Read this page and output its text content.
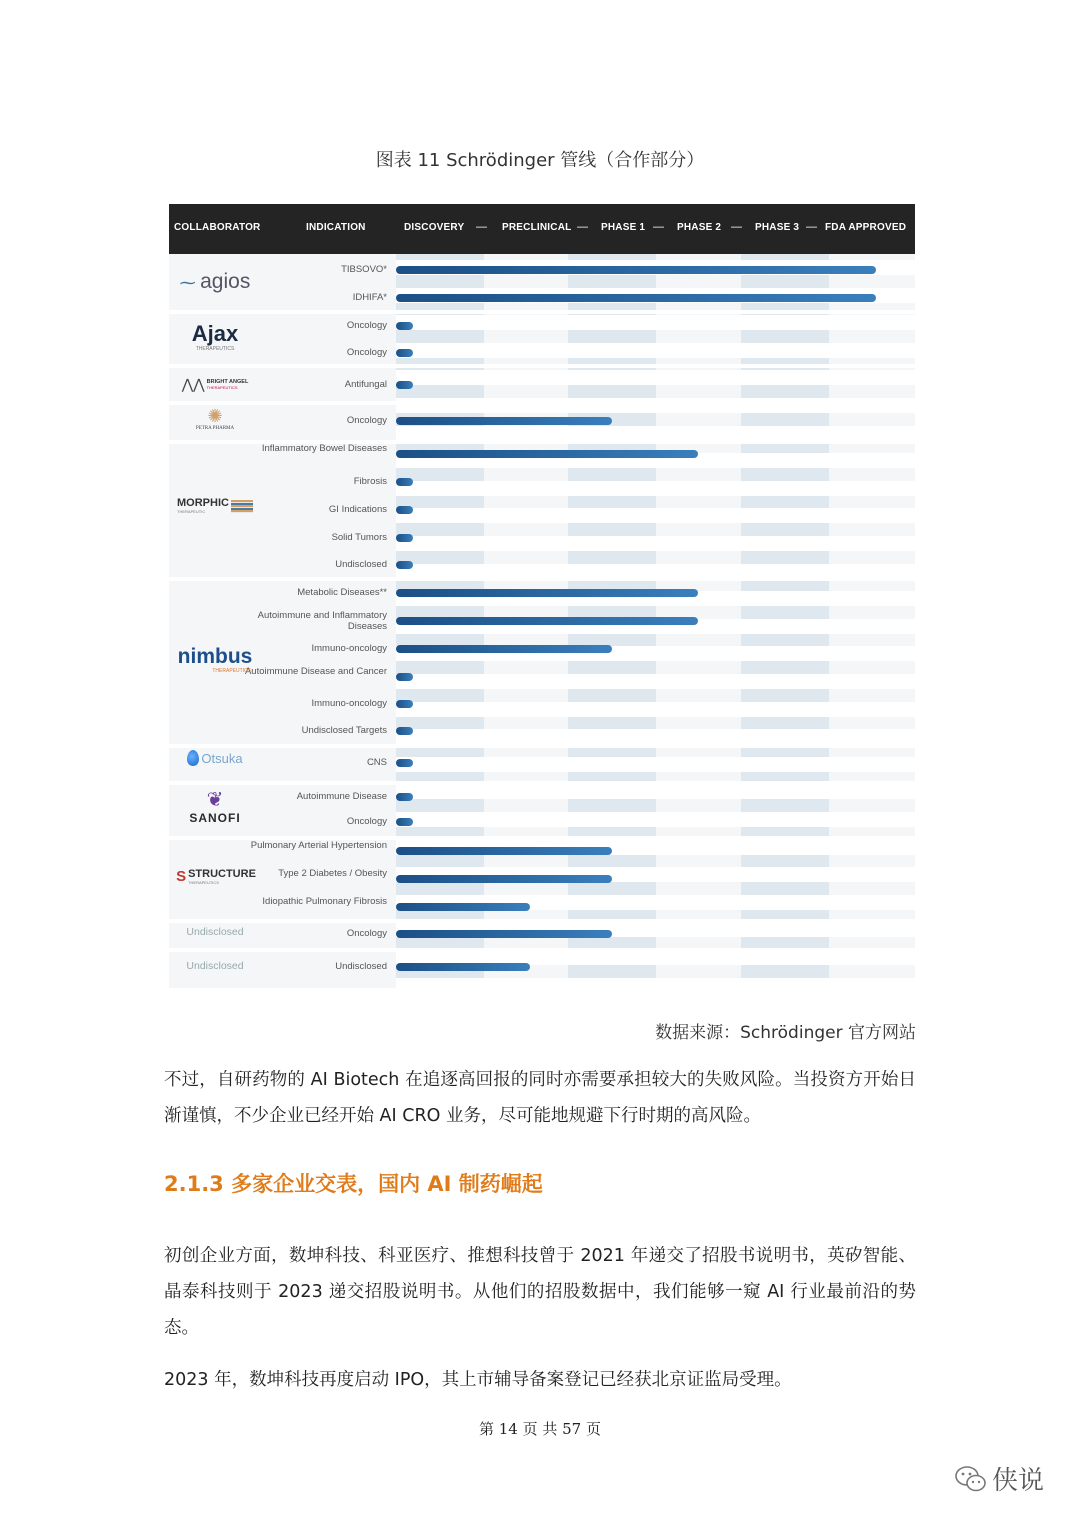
图表 11 Schrödinger 管线（合作部分）
COLLABORATOR	INDICATION	DISCOVERY — PRECLINICAL — PHASE 1 — PHASE 2 — PHASE 3 — FDA APPROVED
TIBSOVO*
IDHIFA*
Oncology
Oncology
Antifungal
Oncology
Inflammatory Bowel Diseases
Fibrosis
GI Indications
Solid Tumors
Undisclosed
Metabolic Diseases**
Autoimmune and Inflammatory Diseases
Immuno-oncology
Autoimmune Disease and Cancer
Immuno-oncology
Undisclosed Targets
CNS
Autoimmune Disease
Oncology
Pulmonary Arterial Hypertension
Type 2 Diabetes / Obesity
Idiopathic Pulmonary Fibrosis
Oncology
Undisclosed
⁓ agios
Ajax
THERAPEUTICS
⋀⋀ BRIGHT ANGEL
THERAPEUTICS
✺
PETRA PHARMA
MORPHIC
THERAPEUTIC
nimbus
THERAPEUTICS
Otsuka
❦
SANOFI
S STRUCTURE
THERAPEUTICS
Undisclosed
Undisclosed
数据来源：Schrödinger 官方网站
不过，自研药物的 AI Biotech 在追逐高回报的同时亦需要承担较大的失败风险。当投资方开始日渐谨慎，不少企业已经开始 AI CRO 业务，尽可能地规避下行时期的高风险。
2.1.3 多家企业交表，国内 AI 制药崛起
初创企业方面，数坤科技、科亚医疗、推想科技曾于 2021 年递交了招股书说明书，英矽智能、晶泰科技则于 2023 递交招股说明书。从他们的招股数据中，我们能够一窥 AI 行业最前沿的势态。
2023 年，数坤科技再度启动 IPO，其上市辅导备案登记已经获北京证监局受理。
第 14 页 共 57 页
侠说
